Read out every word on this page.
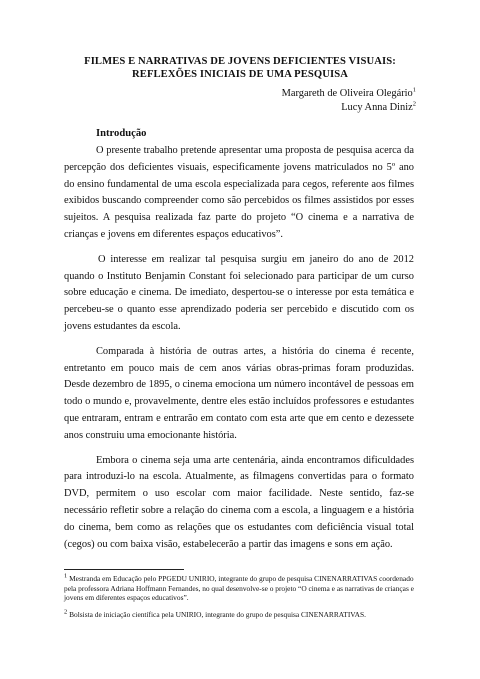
FILMES E NARRATIVAS DE JOVENS DEFICIENTES VISUAIS:
REFLEXÕES INICIAIS DE UMA PESQUISA
Margareth de Oliveira Olegário$^1$
Lucy Anna Diniz$^2$
Introdução

O presente trabalho pretende apresentar uma proposta de pesquisa acerca da percepção dos deficientes visuais, especificamente jovens matriculados no 5º ano do ensino fundamental de uma escola especializada para cegos, referente aos filmes exibidos buscando compreender como são percebidos os filmes assistidos por esses sujeitos. A pesquisa realizada faz parte do projeto “O cinema e a narrativa de crianças e jovens em diferentes espaços educativos”.

O interesse em realizar tal pesquisa surgiu em janeiro do ano de 2012 quando o Instituto Benjamin Constant foi selecionado para participar de um curso sobre educação e cinema. De imediato, despertou-se o interesse por esta temática e percebeu-se o quanto esse aprendizado poderia ser percebido e discutido com os jovens estudantes da escola.

Comparada à história de outras artes, a história do cinema é recente, entretanto em pouco mais de cem anos várias obras-primas foram produzidas. Desde dezembro de 1895, o cinema emociona um número incontável de pessoas em todo o mundo e, provavelmente, dentre eles estão incluídos professores e estudantes que entraram, entram e entrarão em contato com esta arte que em cento e dezessete anos construiu uma emocionante história.

Embora o cinema seja uma arte centenária, ainda encontramos dificuldades para introduzi-lo na escola. Atualmente, as filmagens convertidas para o formato DVD, permitem o uso escolar com maior facilidade. Neste sentido, faz-se necessário refletir sobre a relação do cinema com a escola, a linguagem e a história do cinema, bem como as relações que os estudantes com deficiência visual total (cegos) ou com baixa visão, estabelecerão a partir das imagens e sons em ação.

$^1$ Mestranda em Educação pelo PPGEDU UNIRIO, integrante do grupo de pesquisa CINENARRATIVAS coordenado pela professora Adriana Hoffmann Fernandes, no qual desenvolve-se o projeto “O cinema e as narrativas de crianças e jovens em diferentes espaços educativos”.

$^2$ Bolsista de iniciação científica pela UNIRIO, integrante do grupo de pesquisa CINENARRATIVAS.
